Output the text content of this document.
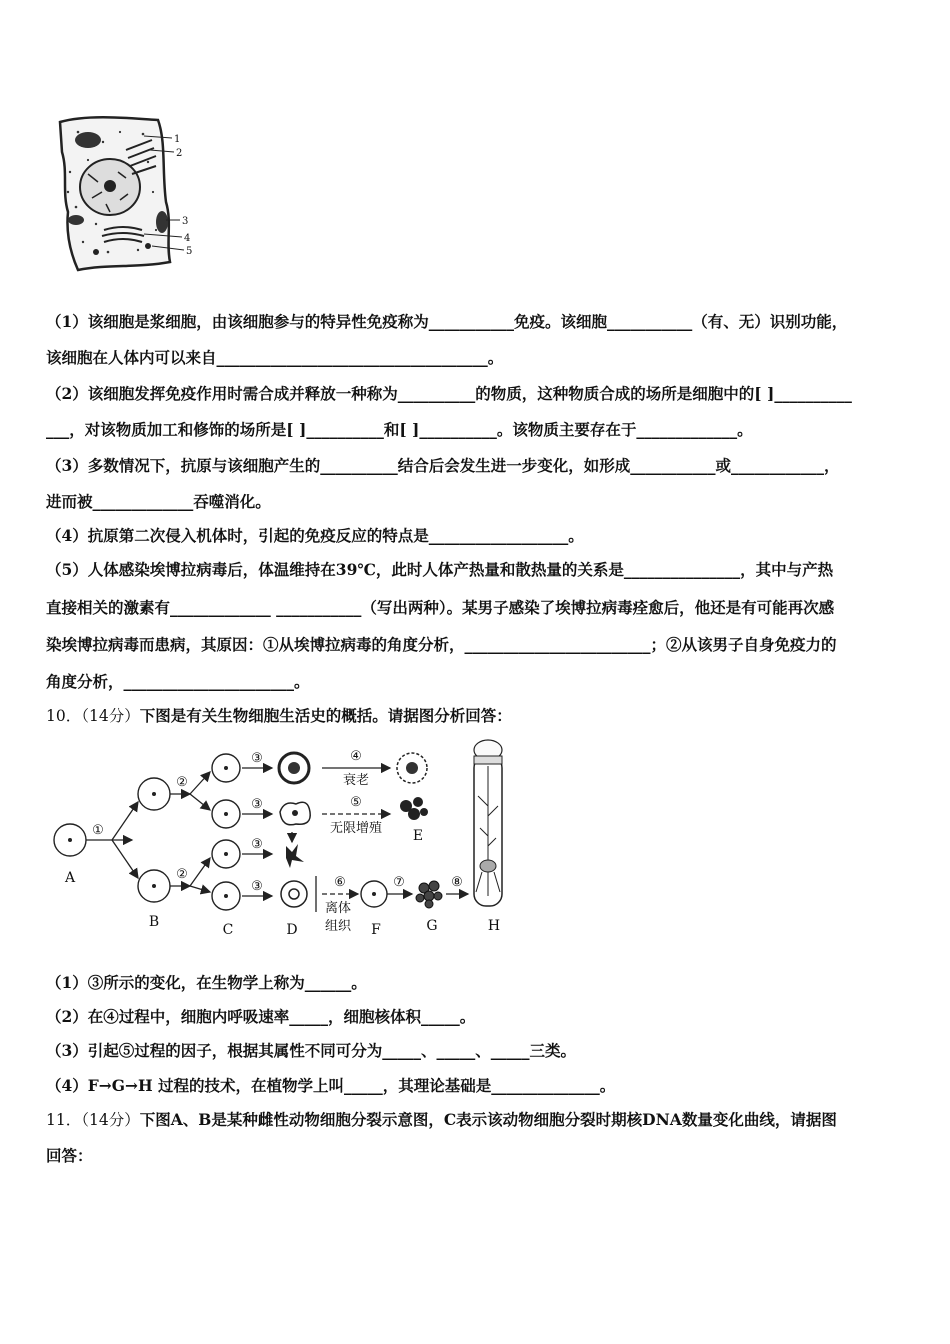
1
2
3
4
5
（1）该细胞是浆细胞，由该细胞参与的特异性免疫称为___________免疫。该细胞___________（有、无）识别功能，
该细胞在人体内可以来自___________________________________。
（2）该细胞发挥免疫作用时需合成并释放一种称为__________的物质，这种物质合成的场所是细胞中的[ ]__________
___，对该物质加工和修饰的场所是[ ]__________和[ ]__________。该物质主要存在于_____________。
（3）多数情况下，抗原与该细胞产生的__________结合后会发生进一步变化，如形成___________或____________，
进而被_____________吞噬消化。
（4）抗原第二次侵入机体时，引起的免疫反应的特点是__________________。
（5）人体感染埃博拉病毒后，体温维持在39℃，此时人体产热量和散热量的关系是_______________，其中与产热
直接相关的激素有_____________ ___________（写出两种）。某男子感染了埃博拉病毒痊愈后，他还是有可能再次感
染埃博拉病毒而患病，其原因：①从埃博拉病毒的角度分析，________________________；②从该男子自身免疫力的
角度分析，______________________。
10．（14分）下图是有关生物细胞生活史的概括。请据图分析回答：
①
②
②
③
③
③
③
④
⑤
⑥	⑦	⑧
衰老
无限增殖
离体
组织
A
B	C	D
E
F	G	H
（1）③所示的变化，在生物学上称为______。
（2）在④过程中，细胞内呼吸速率_____，细胞核体积_____。
（3）引起⑤过程的因子，根据其属性不同可分为_____、_____、_____三类。
（4）F→G→H 过程的技术，在植物学上叫_____，其理论基础是______________。
11．（14分）下图A、B是某种雌性动物细胞分裂示意图，C表示该动物细胞分裂时期核DNA数量变化曲线，请据图
回答：
